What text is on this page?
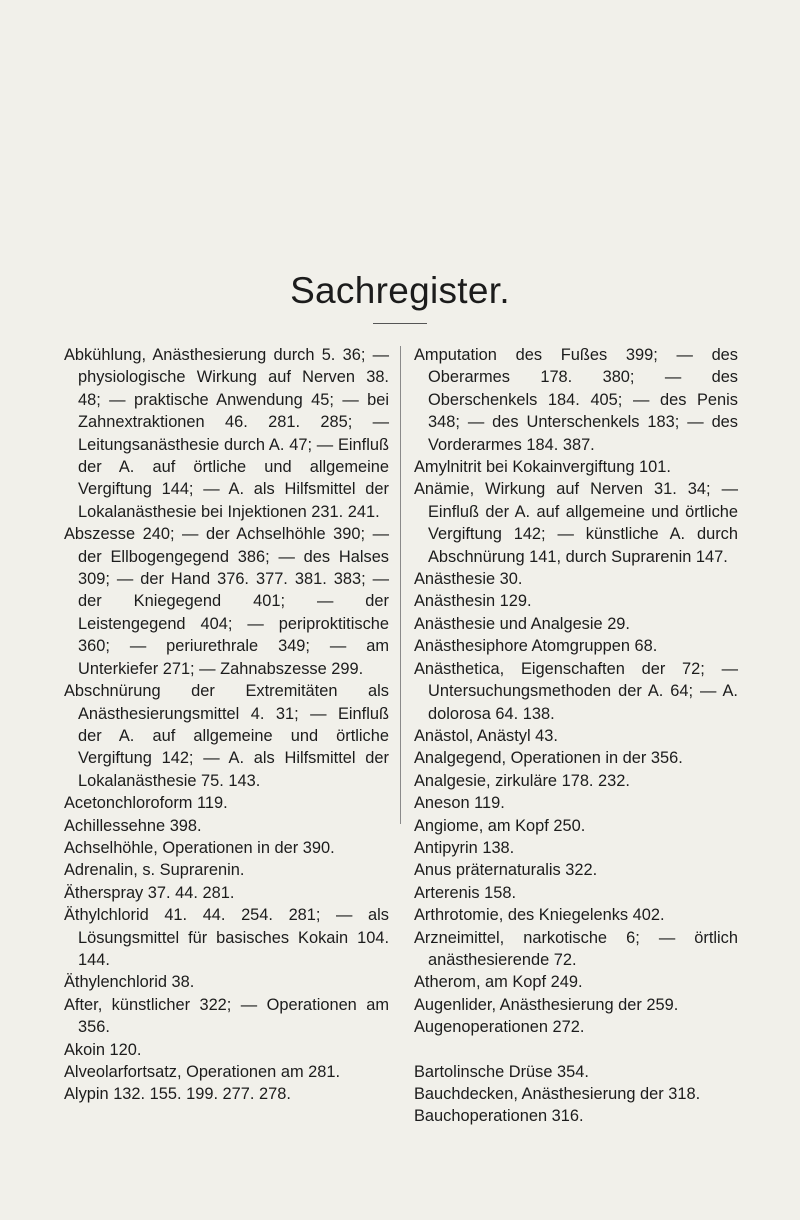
Sachregister.

Abkühlung, Anästhesierung durch 5. 36; — physiologische Wirkung auf Nerven 38. 48; — praktische Anwendung 45; — bei Zahnextraktionen 46. 281. 285; — Leitungsanästhesie durch A. 47; — Einfluß der A. auf örtliche und allgemeine Vergiftung 144; — A. als Hilfsmittel der Lokalanästhesie bei Injektionen 231. 241.

Abszesse 240; — der Achselhöhle 390; — der Ellbogengegend 386; — des Halses 309; — der Hand 376. 377. 381. 383; — der Kniegegend 401; — der Leistengegend 404; — periproktitische 360; — periurethrale 349; — am Unterkiefer 271; — Zahnabszesse 299.

Abschnürung der Extremitäten als Anästhesierungsmittel 4. 31; — Einfluß der A. auf allgemeine und örtliche Vergiftung 142; — A. als Hilfsmittel der Lokalanästhesie 75. 143.

Acetonchloroform 119.

Achillessehne 398.

Achselhöhle, Operationen in der 390.

Adrenalin, s. Suprarenin.

Ätherspray 37. 44. 281.

Äthylchlorid 41. 44. 254. 281; — als Lösungsmittel für basisches Kokain 104. 144.

Äthylenchlorid 38.

After, künstlicher 322; — Operationen am 356.

Akoin 120.

Alveolarfortsatz, Operationen am 281.

Alypin 132. 155. 199. 277. 278.

Amputation des Fußes 399; — des Oberarmes 178. 380; — des Oberschenkels 184. 405; — des Penis 348; — des Unterschenkels 183; — des Vorderarmes 184. 387.

Amylnitrit bei Kokainvergiftung 101.

Anämie, Wirkung auf Nerven 31. 34; — Einfluß der A. auf allgemeine und örtliche Vergiftung 142; — künstliche A. durch Abschnürung 141, durch Suprarenin 147.

Anästhesie 30.

Anästhesin 129.

Anästhesie und Analgesie 29.

Anästhesiphore Atomgruppen 68.

Anästhetica, Eigenschaften der 72; — Untersuchungsmethoden der A. 64; — A. dolorosa 64. 138.

Anästol, Anästyl 43.

Analgegend, Operationen in der 356.

Analgesie, zirkuläre 178. 232.

Aneson 119.

Angiome, am Kopf 250.

Antipyrin 138.

Anus präternaturalis 322.

Arterenis 158.

Arthrotomie, des Kniegelenks 402.

Arzneimittel, narkotische 6; — örtlich anästhesierende 72.

Atherom, am Kopf 249.

Augenlider, Anästhesierung der 259.

Augenoperationen 272.

Bartolinsche Drüse 354.

Bauchdecken, Anästhesierung der 318.

Bauchoperationen 316.
